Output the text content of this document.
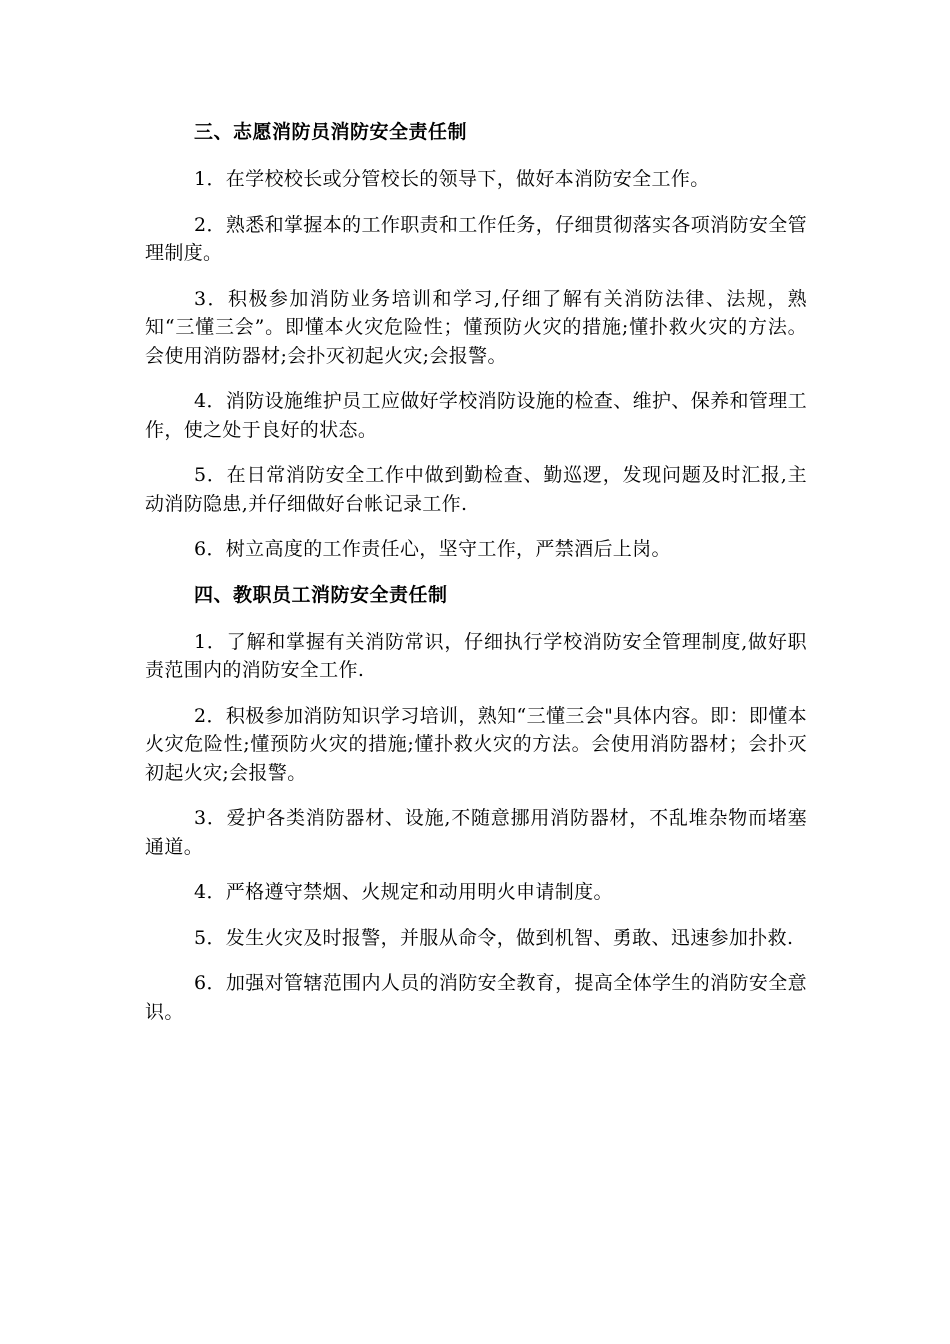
三、志愿消防员消防安全责任制
1．在学校校长或分管校长的领导下，做好本消防安全工作。
2．熟悉和掌握本的工作职责和工作任务，仔细贯彻落实各项消防安全管理制度。
3．积极参加消防业务培训和学习,仔细了解有关消防法律、法规，熟知“三懂三会”。即懂本火灾危险性；懂预防火灾的措施;懂扑救火灾的方法。会使用消防器材;会扑灭初起火灾;会报警。
4．消防设施维护员工应做好学校消防设施的检查、维护、保养和管理工作，使之处于良好的状态。
5．在日常消防安全工作中做到勤检查、勤巡逻，发现问题及时汇报,主动消防隐患,并仔细做好台帐记录工作.
6．树立高度的工作责任心，坚守工作，严禁酒后上岗。
四、教职员工消防安全责任制
1．了解和掌握有关消防常识，仔细执行学校消防安全管理制度,做好职责范围内的消防安全工作.
2．积极参加消防知识学习培训，熟知“三懂三会"具体内容。即：即懂本火灾危险性;懂预防火灾的措施;懂扑救火灾的方法。会使用消防器材；会扑灭初起火灾;会报警。
3．爱护各类消防器材、设施,不随意挪用消防器材，不乱堆杂物而堵塞通道。
4．严格遵守禁烟、火规定和动用明火申请制度。
5．发生火灾及时报警，并服从命令，做到机智、勇敢、迅速参加扑救.
6．加强对管辖范围内人员的消防安全教育，提高全体学生的消防安全意识。
